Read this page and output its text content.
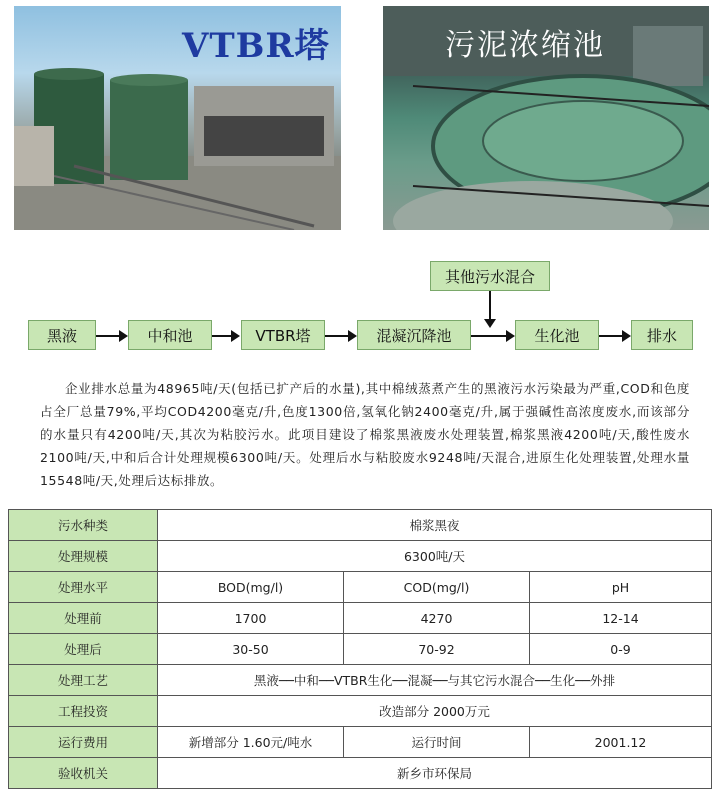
VTBR塔	污泥浓缩池
黑液	中和池	VTBR塔	混凝沉降池	生化池	排水
其他污水混合
企业排水总量为48965吨/天(包括已扩产后的水量),其中棉绒蒸煮产生的黑液污水污染最为严重,COD和色度占全厂总量79%,平均COD4200毫克/升,色度1300倍,氢氧化钠2400毫克/升,属于强碱性高浓度废水,而该部分的水量只有4200吨/天,其次为粘胶污水。此项目建设了棉浆黑液废水处理装置,棉浆黑液4200吨/天,酸性废水2100吨/天,中和后合计处理规模6300吨/天。处理后水与粘胶废水9248吨/天混合,进原生化处理装置,处理水量15548吨/天,处理后达标排放。
污水种类	棉浆黑夜		
处理规模	6300吨/天		
处理水平	BOD(mg/l)	COD(mg/l)	pH
处理前	1700	4270	12-14
处理后	30-50	70-92	0-9
处理工艺	黑液──中和──VTBR生化──混凝──与其它污水混合──生化──外排		
工程投资	改造部分 2000万元		
运行费用	新增部分 1.60元/吨水	运行时间	2001.12
验收机关	新乡市环保局		
